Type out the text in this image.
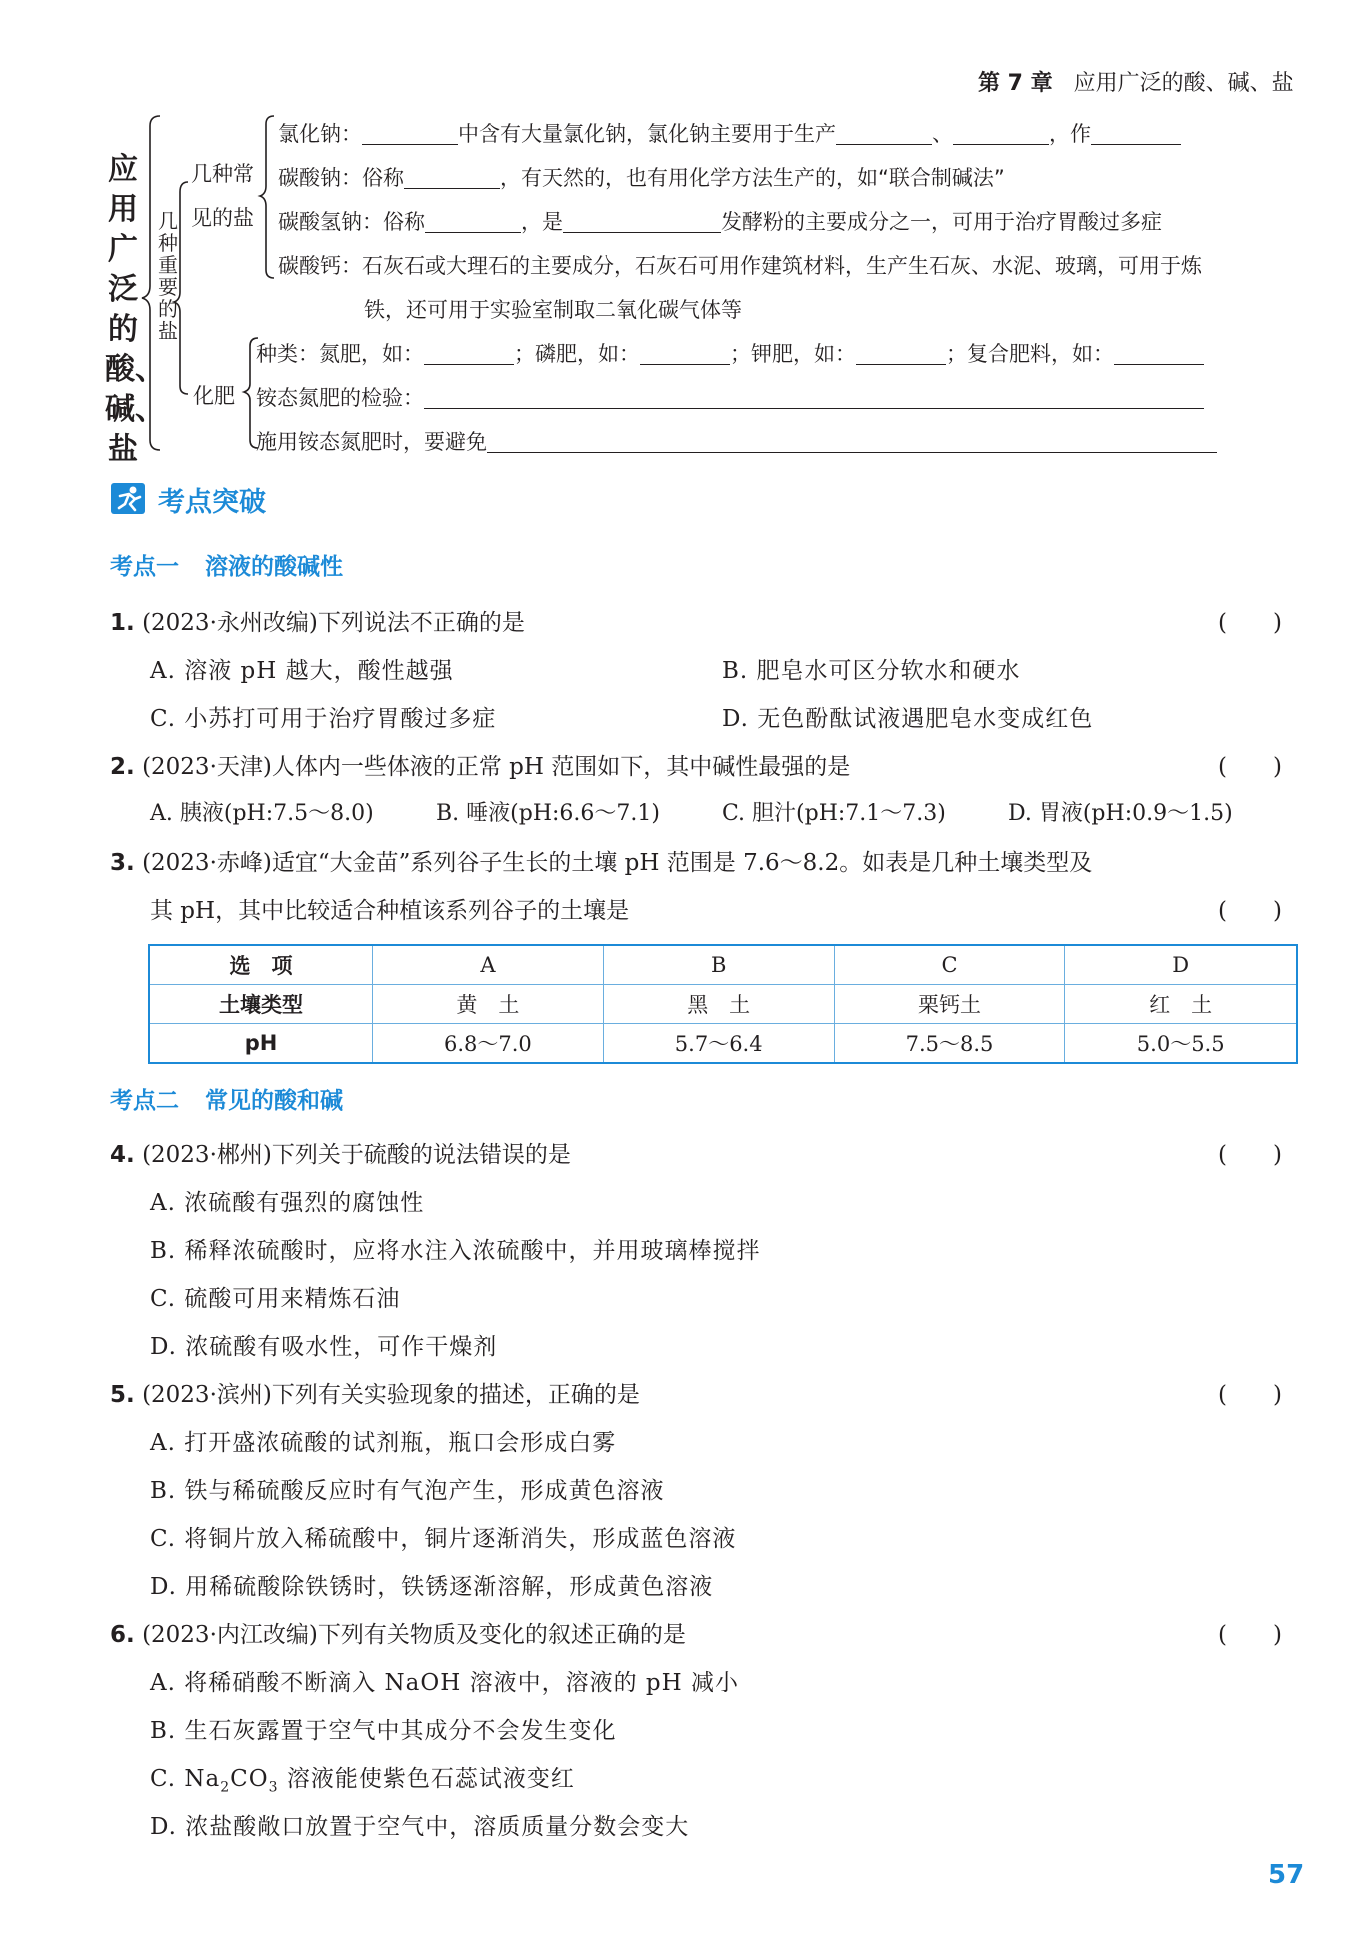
第 7 章 应用广泛的酸、碱、盐
应用广泛的酸、碱、盐
几种重要的盐
几种常
见的盐
化肥
氯化钠：	中含有大量氯化钠，氯化钠主要用于生产	、	，作
碳酸钠：俗称	，有天然的，也有用化学方法生产的，如“联合制碱法”
碳酸氢钠：俗称	，是	发酵粉的主要成分之一，可用于治疗胃酸过多症
碳酸钙：石灰石或大理石的主要成分，石灰石可用作建筑材料，生产生石灰、水泥、玻璃，可用于炼
铁，还可用于实验室制取二氧化碳气体等
种类：氮肥，如：	；磷肥，如：	；钾肥，如：	；复合肥料，如：
铵态氮肥的检验：
施用铵态氮肥时，要避免
考点突破
考点一 溶液的酸碱性
1. (2023·永州改编)下列说法不正确的是	(　　)
A. 溶液 pH 越大，酸性越强	B. 肥皂水可区分软水和硬水
C. 小苏打可用于治疗胃酸过多症	D. 无色酚酞试液遇肥皂水变成红色
2. (2023·天津)人体内一些体液的正常 pH 范围如下，其中碱性最强的是	(　　)
A. 胰液(pH:7.5～8.0)	B. 唾液(pH:6.6～7.1)	C. 胆汁(pH:7.1～7.3)	D. 胃液(pH:0.9～1.5)
3. (2023·赤峰)适宜“大金苗”系列谷子生长的土壤 pH 范围是 7.6～8.2。如表是几种土壤类型及
其 pH，其中比较适合种植该系列谷子的土壤是	(　　)
选　项	A	B	C	D
土壤类型	黄　土	黑　土	栗钙土	红　土
pH	6.8～7.0	5.7～6.4	7.5～8.5	5.0～5.5
考点二 常见的酸和碱
4. (2023·郴州)下列关于硫酸的说法错误的是	(　　)
A. 浓硫酸有强烈的腐蚀性
B. 稀释浓硫酸时，应将水注入浓硫酸中，并用玻璃棒搅拌
C. 硫酸可用来精炼石油
D. 浓硫酸有吸水性，可作干燥剂
5. (2023·滨州)下列有关实验现象的描述，正确的是	(　　)
A. 打开盛浓硫酸的试剂瓶，瓶口会形成白雾
B. 铁与稀硫酸反应时有气泡产生，形成黄色溶液
C. 将铜片放入稀硫酸中，铜片逐渐消失，形成蓝色溶液
D. 用稀硫酸除铁锈时，铁锈逐渐溶解，形成黄色溶液
6. (2023·内江改编)下列有关物质及变化的叙述正确的是	(　　)
A. 将稀硝酸不断滴入 NaOH 溶液中，溶液的 pH 减小
B. 生石灰露置于空气中其成分不会发生变化
C. $Na_2CO_3$ 溶液能使紫色石蕊试液变红
D. 浓盐酸敞口放置于空气中，溶质质量分数会变大
57
